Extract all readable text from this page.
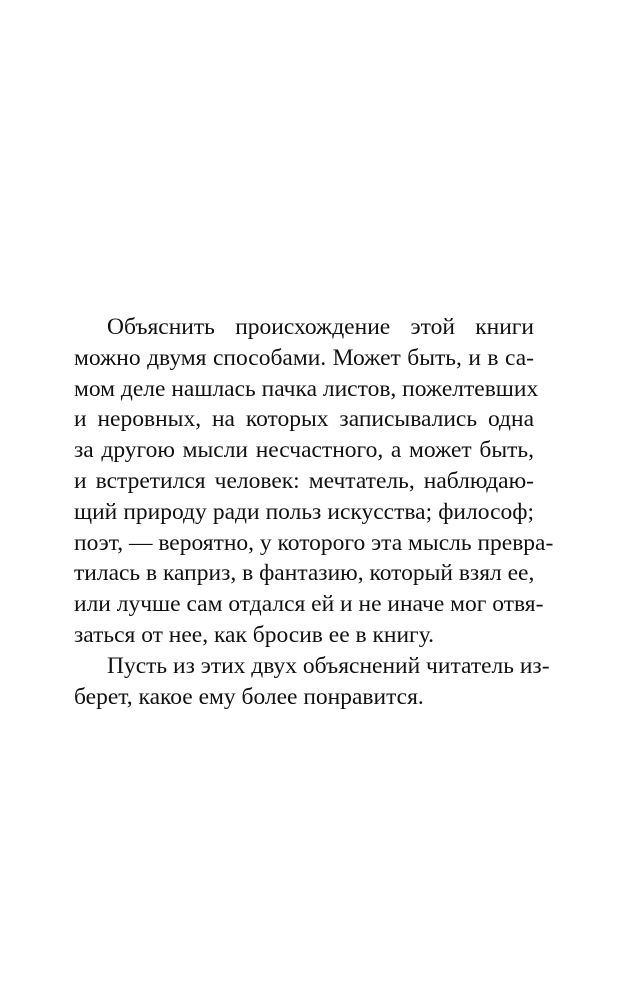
Объяснить происхождение этой книги
можно двумя способами. Может быть, и в са-
мом деле нашлась пачка листов, пожелтевших
и неровных, на которых записывались одна
за другою мысли несчастного, а может быть,
и встретился человек: мечтатель, наблюдаю-
щий природу ради польз искусства; философ;
поэт, — вероятно, у которого эта мысль превра-
тилась в каприз, в фантазию, который взял ее,
или лучше сам отдался ей и не иначе мог отвя-
заться от нее, как бросив ее в книгу.
Пусть из этих двух объяснений читатель из-
берет, какое ему более понравится.
